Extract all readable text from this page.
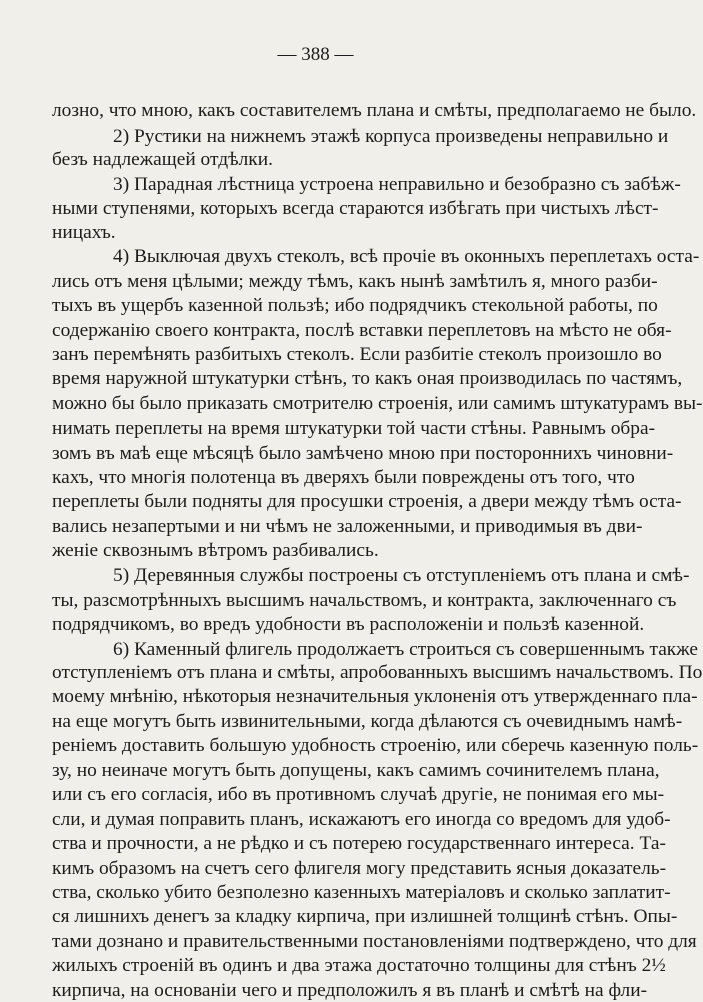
— 388 —
лозно, что мною, какъ составителемъ плана и смѣты, предполагаемо не было.
2) Рустики на нижнемъ этажѣ корпуса произведены неправильно и
безъ надлежащей отдѣлки.
3) Парадная лѣстница устроена неправильно и безобразно съ забѣж-
ными ступенями, которыхъ всегда стараются избѣгать при чистыхъ лѣст-
ницахъ.
4) Выключая двухъ стеколъ, всѣ прочіе въ оконныхъ переплетахъ оста-
лись отъ меня цѣлыми; между тѣмъ, какъ нынѣ замѣтилъ я, много разби-
тыхъ въ ущербъ казенной пользѣ; ибо подрядчикъ стекольной работы, по
содержанію своего контракта, послѣ вставки переплетовъ на мѣсто не обя-
занъ перемѣнять разбитыхъ стеколъ. Если разбитіе стеколъ произошло во
время наружной штукатурки стѣнъ, то какъ оная производилась по частямъ,
можно бы было приказать смотрителю строенія, или самимъ штукатурамъ вы-
нимать переплеты на время штукатурки той части стѣны. Равнымъ обра-
зомъ въ маѣ еще мѣсяцѣ было замѣчено мною при постороннихъ чиновни-
кахъ, что многія полотенца въ дверяхъ были повреждены отъ того, что
переплеты были подняты для просушки строенія, а двери между тѣмъ оста-
вались незапертыми и ни чѣмъ не заложенными, и приводимыя въ дви-
женіе сквознымъ вѣтромъ разбивались.
5) Деревянныя службы построены съ отступленіемъ отъ плана и смѣ-
ты, разсмотрѣнныхъ высшимъ начальствомъ, и контракта, заключеннаго съ
подрядчикомъ, во вредъ удобности въ расположеніи и пользѣ казенной.
6) Каменный флигель продолжаетъ строиться съ совершеннымъ также
отступленіемъ отъ плана и смѣты, апробованныхъ высшимъ начальствомъ. По
моему мнѣнію, нѣкоторыя незначительныя уклоненія отъ утвержденнаго пла-
на еще могутъ быть извинительными, когда дѣлаются съ очевиднымъ намѣ-
реніемъ доставить большую удобность строенію, или сберечь казенную поль-
зу, но неиначе могутъ быть допущены, какъ самимъ сочинителемъ плана,
или съ его согласія, ибо въ противномъ случаѣ другіе, не понимая его мы-
сли, и думая поправить планъ, искажаютъ его иногда со вредомъ для удоб-
ства и прочности, а не рѣдко и съ потерею государственнаго интереса. Та-
кимъ образомъ на счетъ сего флигеля могу представить ясныя доказатель-
ства, сколько убито безполезно казенныхъ матеріаловъ и сколько заплатит-
ся лишнихъ денегъ за кладку кирпича, при излишней толщинѣ стѣнъ. Опы-
тами дознано и правительственными постановленіями подтверждено, что для
жилыхъ строеній въ одинъ и два этажа достаточно толщины для стѣнъ 2½
кирпича, на основаніи чего и предположилъ я въ планѣ и смѣтѣ на фли-
